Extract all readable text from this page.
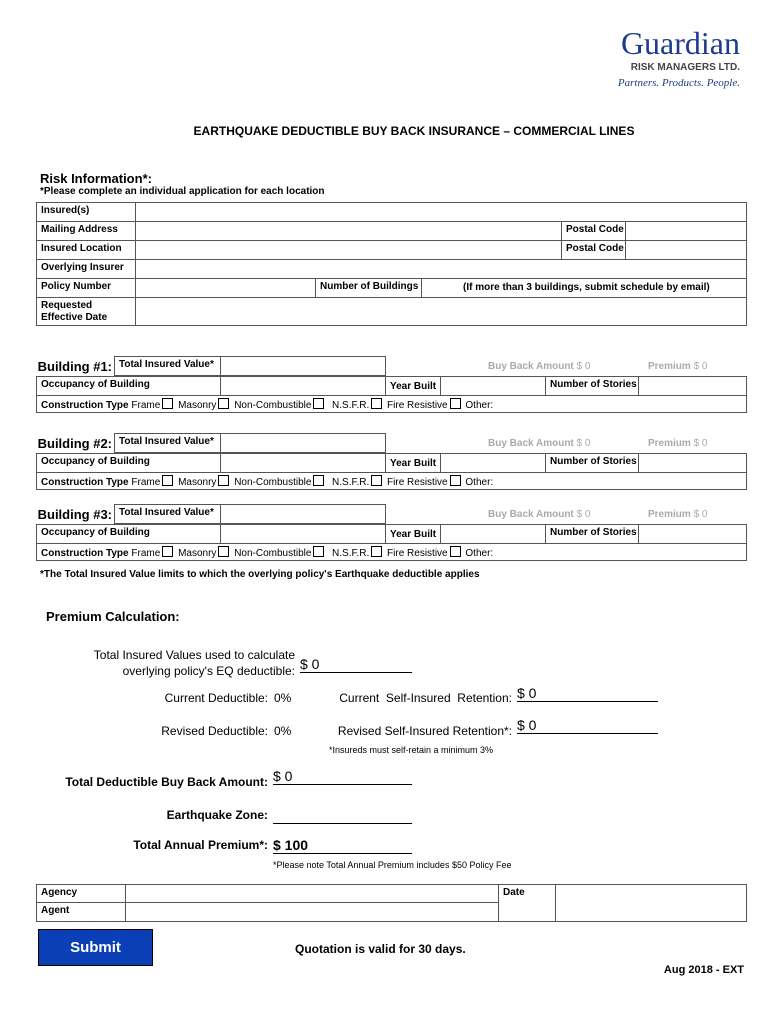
Guardian
RISK MANAGERS LTD.
Partners. Products. People.
EARTHQUAKE DEDUCTIBLE BUY BACK INSURANCE – COMMERCIAL LINES
Risk Information*:
*Please complete an individual application for each location
Insured(s)
Mailing Address	Postal Code
Insured Location	Postal Code
Overlying Insurer
Policy Number	Number of Buildings	(If more than 3 buildings, submit schedule by email)
Requested
Effective Date
Building #1: Total Insured Value*	Buy Back Amount $ 0	Premium $ 0
Occupancy of Building	Year Built	Number of Stories
Construction Type Frame Masonry Non-Combustible N.S.F.R. Fire Resistive Other:
Building #2: Total Insured Value*	Buy Back Amount $ 0	Premium $ 0
Occupancy of Building	Year Built	Number of Stories
Construction Type Frame Masonry Non-Combustible N.S.F.R. Fire Resistive Other:
Building #3: Total Insured Value*	Buy Back Amount $ 0	Premium $ 0
Occupancy of Building	Year Built	Number of Stories
Construction Type Frame Masonry Non-Combustible N.S.F.R. Fire Resistive Other:
*The Total Insured Value limits to which the overlying policy's Earthquake deductible applies
Premium Calculation:
Total Insured Values used to calculate
overlying policy's EQ deductible: $ 0
Current Deductible: 0%	Current  Self-Insured  Retention: $ 0
Revised Deductible: 0%	Revised Self-Insured Retention*: $ 0
*Insureds must self-retain a minimum 3%
Total Deductible Buy Back Amount: $ 0
Earthquake Zone:
Total Annual Premium*: $ 100
*Please note Total Annual Premium includes $50 Policy Fee
Agency
Agent
Date
Submit	Quotation is valid for 30 days.
Aug 2018 - EXT
